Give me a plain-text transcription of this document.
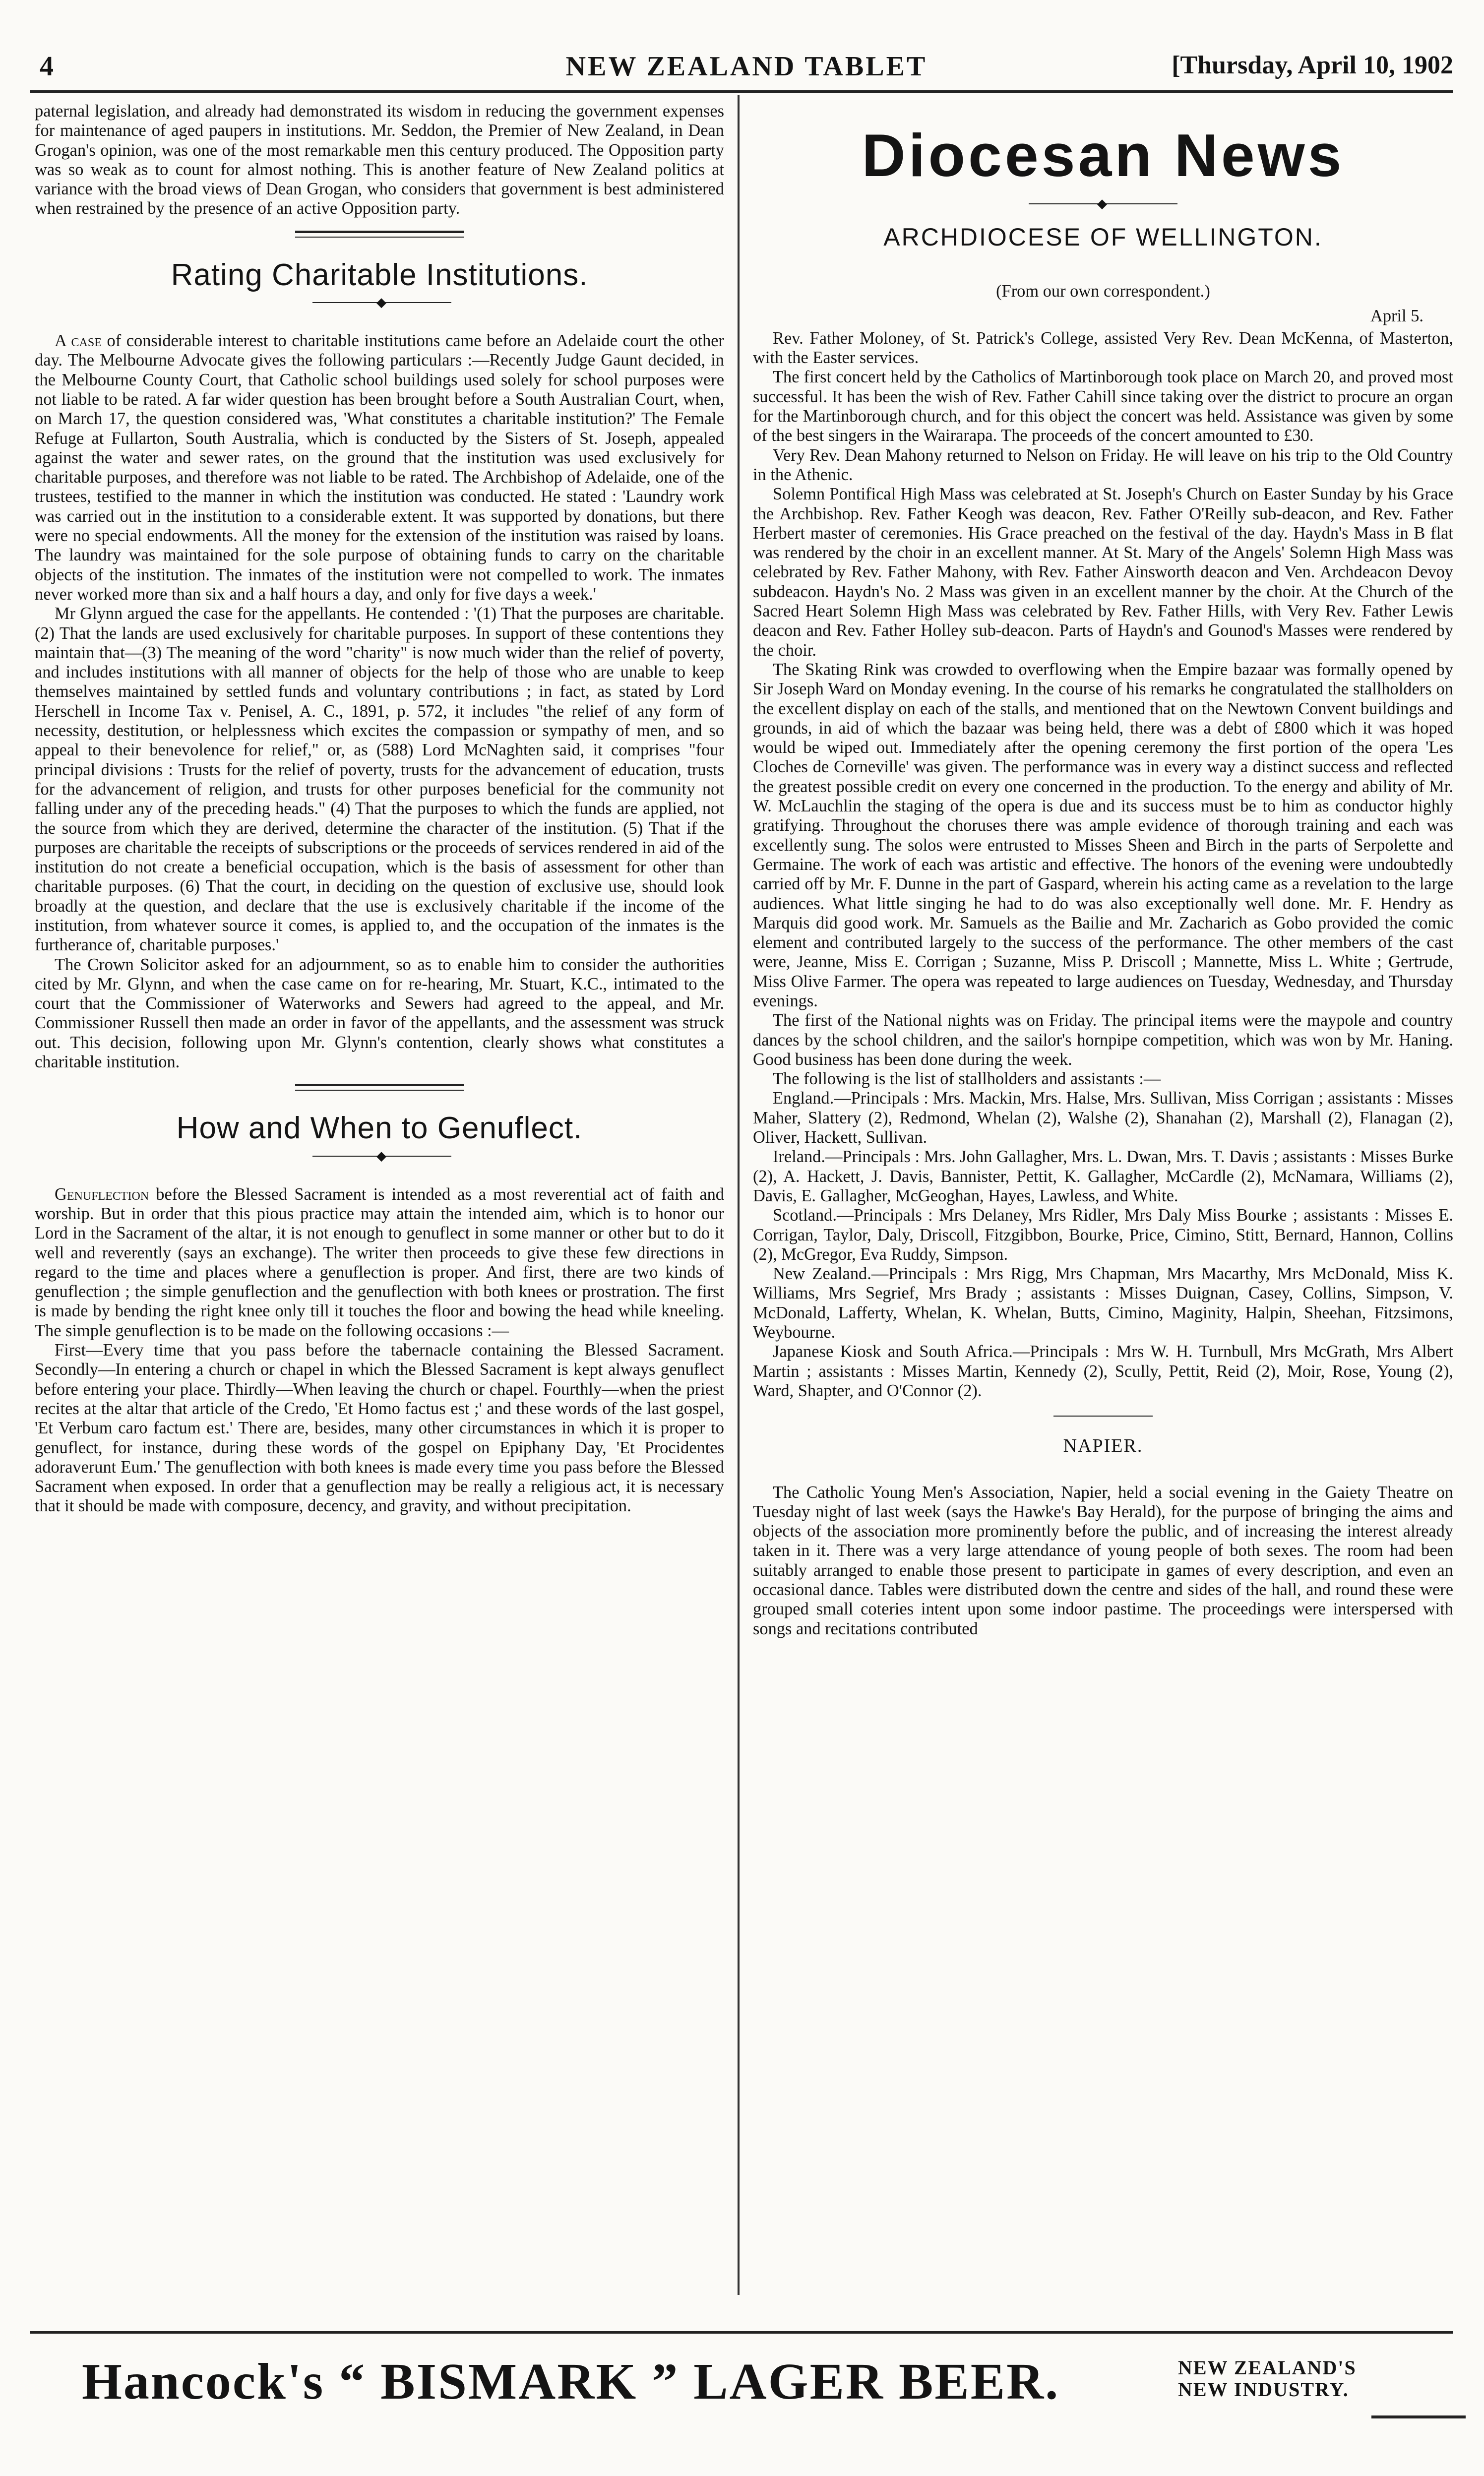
4	NEW ZEALAND TABLET	[Thursday, April 10, 1902

paternal legislation, and already had demonstrated its wisdom in reducing the government expenses for maintenance of aged paupers in institutions. Mr. Seddon, the Premier of New Zealand, in Dean Grogan's opinion, was one of the most remarkable men this century produced. The Opposition party was so weak as to count for almost nothing. This is another feature of New Zealand politics at variance with the broad views of Dean Grogan, who considers that government is best administered when restrained by the presence of an active Opposition party.

Rating Charitable Institutions.
◆

A case of considerable interest to charitable institutions came before an Adelaide court the other day. The Melbourne Advocate gives the following particulars :—Recently Judge Gaunt decided, in the Melbourne County Court, that Catholic school buildings used solely for school purposes were not liable to be rated. A far wider question has been brought before a South Australian Court, when, on March 17, the question considered was, 'What constitutes a charitable institution?' The Female Refuge at Fullarton, South Australia, which is conducted by the Sisters of St. Joseph, appealed against the water and sewer rates, on the ground that the institution was used exclusively for charitable purposes, and therefore was not liable to be rated. The Archbishop of Adelaide, one of the trustees, testified to the manner in which the institution was conducted. He stated : 'Laundry work was carried out in the institution to a considerable extent. It was supported by donations, but there were no special endowments. All the money for the extension of the institution was raised by loans. The laundry was maintained for the sole purpose of obtaining funds to carry on the charitable objects of the institution. The inmates of the institution were not compelled to work. The inmates never worked more than six and a half hours a day, and only for five days a week.'

Mr Glynn argued the case for the appellants. He contended : '(1) That the purposes are charitable. (2) That the lands are used exclusively for charitable purposes. In support of these contentions they maintain that—(3) The meaning of the word "charity" is now much wider than the relief of poverty, and includes institutions with all manner of objects for the help of those who are unable to keep themselves maintained by settled funds and voluntary contributions ; in fact, as stated by Lord Herschell in Income Tax v. Penisel, A. C., 1891, p. 572, it includes "the relief of any form of necessity, destitution, or helplessness which excites the compassion or sympathy of men, and so appeal to their benevolence for relief," or, as (588) Lord McNaghten said, it comprises "four principal divisions : Trusts for the relief of poverty, trusts for the advancement of education, trusts for the advancement of religion, and trusts for other purposes beneficial for the community not falling under any of the preceding heads." (4) That the purposes to which the funds are applied, not the source from which they are derived, determine the character of the institution. (5) That if the purposes are charitable the receipts of subscriptions or the proceeds of services rendered in aid of the institution do not create a beneficial occupation, which is the basis of assessment for other than charitable purposes. (6) That the court, in deciding on the question of exclusive use, should look broadly at the question, and declare that the use is exclusively charitable if the income of the institution, from whatever source it comes, is applied to, and the occupation of the inmates is the furtherance of, charitable purposes.'

The Crown Solicitor asked for an adjournment, so as to enable him to consider the authorities cited by Mr. Glynn, and when the case came on for re-hearing, Mr. Stuart, K.C., intimated to the court that the Commissioner of Waterworks and Sewers had agreed to the appeal, and Mr. Commissioner Russell then made an order in favor of the appellants, and the assessment was struck out. This decision, following upon Mr. Glynn's contention, clearly shows what constitutes a charitable institution.

How and When to Genuflect.
◆

Genuflection before the Blessed Sacrament is intended as a most reverential act of faith and worship. But in order that this pious practice may attain the intended aim, which is to honor our Lord in the Sacrament of the altar, it is not enough to genuflect in some manner or other but to do it well and reverently (says an exchange). The writer then proceeds to give these few directions in regard to the time and places where a genuflection is proper. And first, there are two kinds of genuflection ; the simple genuflection and the genuflection with both knees or prostration. The first is made by bending the right knee only till it touches the floor and bowing the head while kneeling. The simple genuflection is to be made on the following occasions :—

First—Every time that you pass before the tabernacle containing the Blessed Sacrament. Secondly—In entering a church or chapel in which the Blessed Sacrament is kept always genuflect before entering your place. Thirdly—When leaving the church or chapel. Fourthly—when the priest recites at the altar that article of the Credo, 'Et Homo factus est ;' and these words of the last gospel, 'Et Verbum caro factum est.' There are, besides, many other circumstances in which it is proper to genuflect, for instance, during these words of the gospel on Epiphany Day, 'Et Procidentes adoraverunt Eum.' The genuflection with both knees is made every time you pass before the Blessed Sacrament when exposed. In order that a genuflection may be really a religious act, it is necessary that it should be made with composure, decency, and gravity, and without precipitation.

Diocesan News
◆
ARCHDIOCESE OF WELLINGTON.
(From our own correspondent.)
April 5.

Rev. Father Moloney, of St. Patrick's College, assisted Very Rev. Dean McKenna, of Masterton, with the Easter services.

The first concert held by the Catholics of Martinborough took place on March 20, and proved most successful. It has been the wish of Rev. Father Cahill since taking over the district to procure an organ for the Martinborough church, and for this object the concert was held. Assistance was given by some of the best singers in the Wairarapa. The proceeds of the concert amounted to £30.

Very Rev. Dean Mahony returned to Nelson on Friday. He will leave on his trip to the Old Country in the Athenic.

Solemn Pontifical High Mass was celebrated at St. Joseph's Church on Easter Sunday by his Grace the Archbishop. Rev. Father Keogh was deacon, Rev. Father O'Reilly sub-deacon, and Rev. Father Herbert master of ceremonies. His Grace preached on the festival of the day. Haydn's Mass in B flat was rendered by the choir in an excellent manner. At St. Mary of the Angels' Solemn High Mass was celebrated by Rev. Father Mahony, with Rev. Father Ainsworth deacon and Ven. Archdeacon Devoy subdeacon. Haydn's No. 2 Mass was given in an excellent manner by the choir. At the Church of the Sacred Heart Solemn High Mass was celebrated by Rev. Father Hills, with Very Rev. Father Lewis deacon and Rev. Father Holley sub-deacon. Parts of Haydn's and Gounod's Masses were rendered by the choir.

The Skating Rink was crowded to overflowing when the Empire bazaar was formally opened by Sir Joseph Ward on Monday evening. In the course of his remarks he congratulated the stallholders on the excellent display on each of the stalls, and mentioned that on the Newtown Convent buildings and grounds, in aid of which the bazaar was being held, there was a debt of £800 which it was hoped would be wiped out. Immediately after the opening ceremony the first portion of the opera 'Les Cloches de Corneville' was given. The performance was in every way a distinct success and reflected the greatest possible credit on every one concerned in the production. To the energy and ability of Mr. W. McLauchlin the staging of the opera is due and its success must be to him as conductor highly gratifying. Throughout the choruses there was ample evidence of thorough training and each was excellently sung. The solos were entrusted to Misses Sheen and Birch in the parts of Serpolette and Germaine. The work of each was artistic and effective. The honors of the evening were undoubtedly carried off by Mr. F. Dunne in the part of Gaspard, wherein his acting came as a revelation to the large audiences. What little singing he had to do was also exceptionally well done. Mr. F. Hendry as Marquis did good work. Mr. Samuels as the Bailie and Mr. Zacharich as Gobo provided the comic element and contributed largely to the success of the performance. The other members of the cast were, Jeanne, Miss E. Corrigan ; Suzanne, Miss P. Driscoll ; Mannette, Miss L. White ; Gertrude, Miss Olive Farmer. The opera was repeated to large audiences on Tuesday, Wednesday, and Thursday evenings.

The first of the National nights was on Friday. The principal items were the maypole and country dances by the school children, and the sailor's hornpipe competition, which was won by Mr. Haning. Good business has been done during the week.

The following is the list of stallholders and assistants :—

England.—Principals : Mrs. Mackin, Mrs. Halse, Mrs. Sullivan, Miss Corrigan ; assistants : Misses Maher, Slattery (2), Redmond, Whelan (2), Walshe (2), Shanahan (2), Marshall (2), Flanagan (2), Oliver, Hackett, Sullivan.

Ireland.—Principals : Mrs. John Gallagher, Mrs. L. Dwan, Mrs. T. Davis ; assistants : Misses Burke (2), A. Hackett, J. Davis, Bannister, Pettit, K. Gallagher, McCardle (2), McNamara, Williams (2), Davis, E. Gallagher, McGeoghan, Hayes, Lawless, and White.

Scotland.—Principals : Mrs Delaney, Mrs Ridler, Mrs Daly Miss Bourke ; assistants : Misses E. Corrigan, Taylor, Daly, Driscoll, Fitzgibbon, Bourke, Price, Cimino, Stitt, Bernard, Hannon, Collins (2), McGregor, Eva Ruddy, Simpson.

New Zealand.—Principals : Mrs Rigg, Mrs Chapman, Mrs Macarthy, Mrs McDonald, Miss K. Williams, Mrs Segrief, Mrs Brady ; assistants : Misses Duignan, Casey, Collins, Simpson, V. McDonald, Lafferty, Whelan, K. Whelan, Butts, Cimino, Maginity, Halpin, Sheehan, Fitzsimons, Weybourne.

Japanese Kiosk and South Africa.—Principals : Mrs W. H. Turnbull, Mrs McGrath, Mrs Albert Martin ; assistants : Misses Martin, Kennedy (2), Scully, Pettit, Reid (2), Moir, Rose, Young (2), Ward, Shapter, and O'Connor (2).

NAPIER.

The Catholic Young Men's Association, Napier, held a social evening in the Gaiety Theatre on Tuesday night of last week (says the Hawke's Bay Herald), for the purpose of bringing the aims and objects of the association more prominently before the public, and of increasing the interest already taken in it. There was a very large attendance of young people of both sexes. The room had been suitably arranged to enable those present to participate in games of every description, and even an occasional dance. Tables were distributed down the centre and sides of the hall, and round these were grouped small coteries intent upon some indoor pastime. The proceedings were interspersed with songs and recitations contributed

Hancock's “ BISMARK ” LAGER BEER.	NEW ZEALAND'S
NEW INDUSTRY.
